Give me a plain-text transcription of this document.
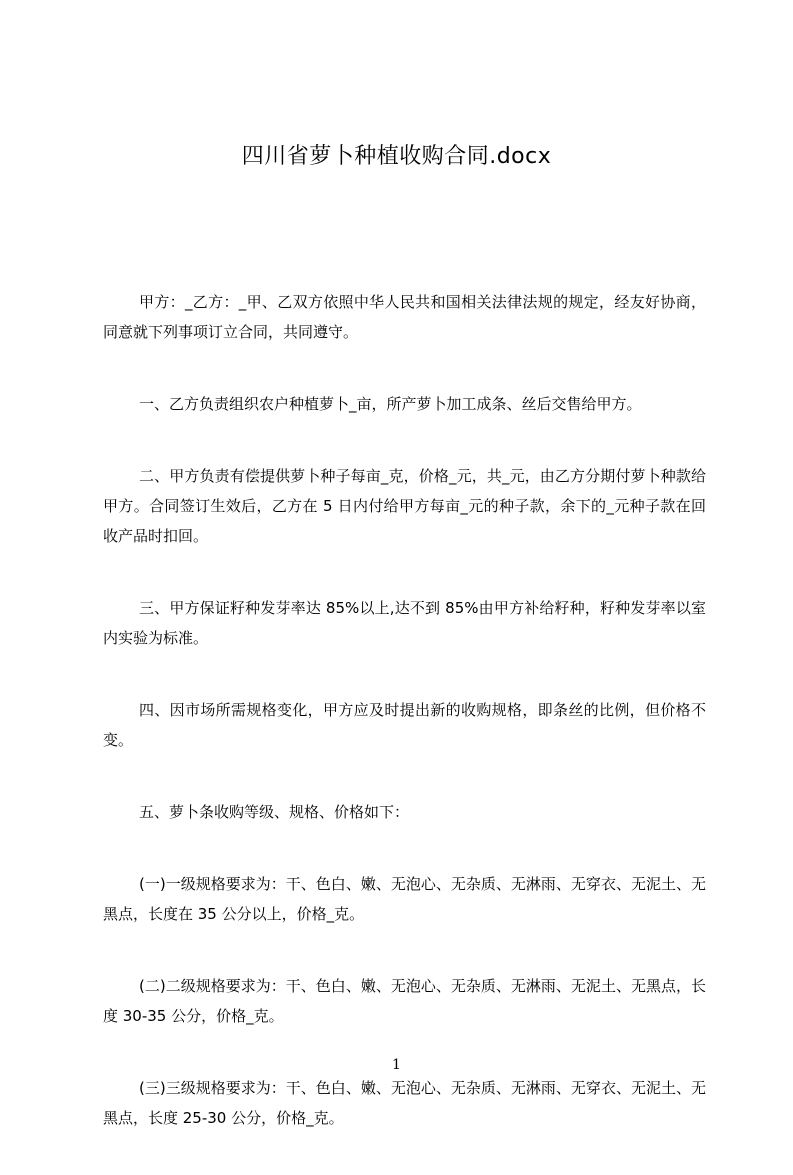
四川省萝卜种植收购合同.docx

甲方：_乙方：_甲、乙双方依照中华人民共和国相关法律法规的规定，经友好协商，同意就下列事项订立合同，共同遵守。

一、乙方负责组织农户种植萝卜_亩，所产萝卜加工成条、丝后交售给甲方。

二、甲方负责有偿提供萝卜种子每亩_克，价格_元，共_元，由乙方分期付萝卜种款给甲方。合同签订生效后，乙方在 5 日内付给甲方每亩_元的种子款，余下的_元种子款在回收产品时扣回。

三、甲方保证籽种发芽率达 85%以上,达不到 85%由甲方补给籽种，籽种发芽率以室内实验为标准。

四、因市场所需规格变化，甲方应及时提出新的收购规格，即条丝的比例，但价格不变。

五、萝卜条收购等级、规格、价格如下：

(一)一级规格要求为：干、色白、嫩、无泡心、无杂质、无淋雨、无穿衣、无泥土、无黑点，长度在 35 公分以上，价格_克。

(二)二级规格要求为：干、色白、嫩、无泡心、无杂质、无淋雨、无泥土、无黑点，长度 30-35 公分，价格_克。

(三)三级规格要求为：干、色白、嫩、无泡心、无杂质、无淋雨、无穿衣、无泥土、无黑点，长度 25-30 公分，价格_克。

1
